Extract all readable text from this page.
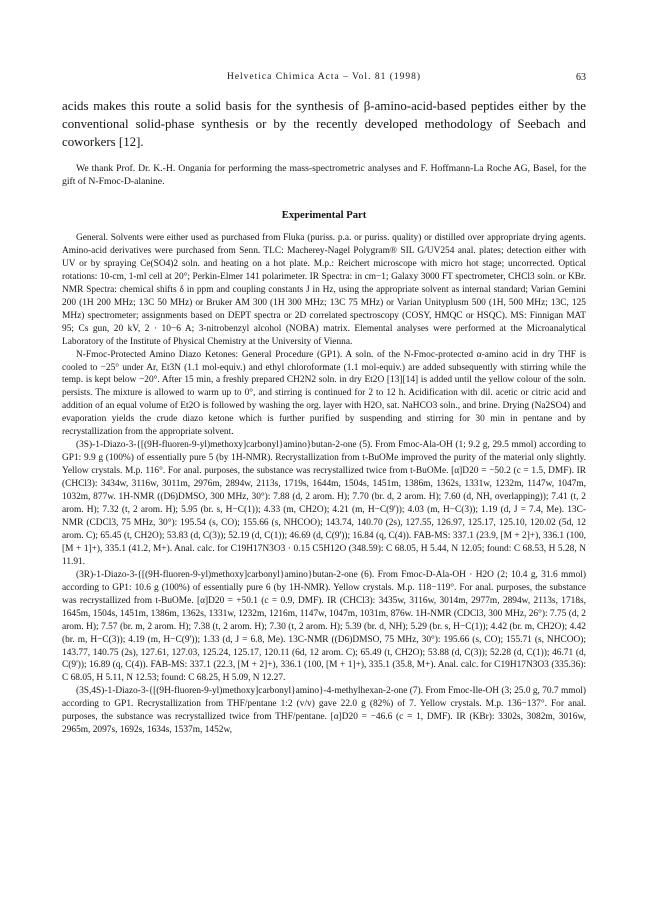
Helvetica Chimica Acta – Vol. 81 (1998)	63

acids makes this route a solid basis for the synthesis of β-amino-acid-based peptides either by the conventional solid-phase synthesis or by the recently developed methodology of Seebach and coworkers [12].

We thank Prof. Dr. K.-H. Ongania for performing the mass-spectrometric analyses and F. Hoffmann-La Roche AG, Basel, for the gift of N-Fmoc-D-alanine.

Experimental Part

General. Solvents were either used as purchased from Fluka (puriss. p.a. or puriss. quality) or distilled over appropriate drying agents. Amino-acid derivatives were purchased from Senn. TLC: Macherey-Nagel Polygram® SIL G/UV254 anal. plates; detection either with UV or by spraying Ce(SO4)2 soln. and heating on a hot plate. M.p.: Reichert microscope with micro hot stage; uncorrected. Optical rotations: 10-cm, 1-ml cell at 20°; Perkin-Elmer 141 polarimeter. IR Spectra: in cm−1; Galaxy 3000 FT spectrometer, CHCl3 soln. or KBr. NMR Spectra: chemical shifts δ in ppm and coupling constants J in Hz, using the appropriate solvent as internal standard; Varian Gemini 200 (1H 200 MHz; 13C 50 MHz) or Bruker AM 300 (1H 300 MHz; 13C 75 MHz) or Varian Unityplusm 500 (1H, 500 MHz; 13C, 125 MHz) spectrometer; assignments based on DEPT spectra or 2D correlated spectroscopy (COSY, HMQC or HSQC). MS: Finnigan MAT 95; Cs gun, 20 kV, 2 · 10−6 A; 3-nitrobenzyl alcohol (NOBA) matrix. Elemental analyses were performed at the Microanalytical Laboratory of the Institute of Physical Chemistry at the University of Vienna.

N-Fmoc-Protected Amino Diazo Ketones: General Procedure (GP1). A soln. of the N-Fmoc-protected α-amino acid in dry THF is cooled to −25° under Ar, Et3N (1.1 mol-equiv.) and ethyl chloroformate (1.1 mol-equiv.) are added subsequently with stirring while the temp. is kept below −20°. After 15 min, a freshly prepared CH2N2 soln. in dry Et2O [13][14] is added until the yellow colour of the soln. persists. The mixture is allowed to warm up to 0°, and stirring is continued for 2 to 12 h. Acidification with dil. acetic or citric acid and addition of an equal volume of Et2O is followed by washing the org. layer with H2O, sat. NaHCO3 soln., and brine. Drying (Na2SO4) and evaporation yields the crude diazo ketone which is further purified by suspending and stirring for 30 min in pentane and by recrystallization from the appropriate solvent.

(3S)-1-Diazo-3-{[(9H-fluoren-9-yl)methoxy]carbonyl}amino}butan-2-one (5). From Fmoc-Ala-OH (1; 9.2 g, 29.5 mmol) according to GP1: 9.9 g (100%) of essentially pure 5 (by 1H-NMR). Recrystallization from t-BuOMe improved the purity of the material only slightly. Yellow crystals. M.p. 116°. For anal. purposes, the substance was recrystallized twice from t-BuOMe. [α]D20 = −50.2 (c = 1.5, DMF). IR (CHCl3): 3434w, 3116w, 3011m, 2976m, 2894w, 2113s, 1719s, 1644m, 1504s, 1451m, 1386m, 1362s, 1331w, 1232m, 1147w, 1047m, 1032m, 877w. 1H-NMR ((D6)DMSO, 300 MHz, 30°): 7.88 (d, 2 arom. H); 7.70 (br. d, 2 arom. H); 7.60 (d, NH, overlapping)); 7.41 (t, 2 arom. H); 7.32 (t, 2 arom. H); 5.95 (br. s, H−C(1)); 4.33 (m, CH2O); 4.21 (m, H−C(9')); 4.03 (m, H−C(3)); 1.19 (d, J = 7.4, Me). 13C-NMR (CDCl3, 75 MHz, 30°): 195.54 (s, CO); 155.66 (s, NHCOO); 143.74, 140.70 (2s), 127.55, 126.97, 125.17, 125.10, 120.02 (5d, 12 arom. C); 65.45 (t, CH2O); 53.83 (d, C(3)); 52.19 (d, C(1)); 46.69 (d, C(9')); 16.84 (q, C(4)). FAB-MS: 337.1 (23.9, [M + 2]+), 336.1 (100, [M + 1]+), 335.1 (41.2, M+). Anal. calc. for C19H17N3O3 · 0.15 C5H12O (348.59): C 68.05, H 5.44, N 12.05; found: C 68.53, H 5.28, N 11.91.

(3R)-1-Diazo-3-{[(9H-fluoren-9-yl)methoxy]carbonyl}amino}butan-2-one (6). From Fmoc-D-Ala-OH · H2O (2; 10.4 g, 31.6 mmol) according to GP1: 10.6 g (100%) of essentially pure 6 (by 1H-NMR). Yellow crystals. M.p. 118−119°. For anal. purposes, the substance was recrystallized from t-BuOMe. [α]D20 = +50.1 (c = 0.9, DMF). IR (CHCl3): 3435w, 3116w, 3014m, 2977m, 2894w, 2113s, 1718s, 1645m, 1504s, 1451m, 1386m, 1362s, 1331w, 1232m, 1216m, 1147w, 1047m, 1031m, 876w. 1H-NMR (CDCl3, 300 MHz, 26°): 7.75 (d, 2 arom. H); 7.57 (br. m, 2 arom. H); 7.38 (t, 2 arom. H); 7.30 (t, 2 arom. H); 5.39 (br. d, NH); 5.29 (br. s, H−C(1)); 4.42 (br. m, CH2O); 4.42 (br. m, H−C(3)); 4.19 (m, H−C(9')); 1.33 (d, J = 6.8, Me). 13C-NMR ((D6)DMSO, 75 MHz, 30°): 195.66 (s, CO); 155.71 (s, NHCOO); 143.77, 140.75 (2s), 127.61, 127.03, 125.24, 125.17, 120.11 (6d, 12 arom. C); 65.49 (t, CH2O); 53.88 (d, C(3)); 52.28 (d, C(1)); 46.71 (d, C(9')); 16.89 (q, C(4)). FAB-MS: 337.1 (22.3, [M + 2]+), 336.1 (100, [M + 1]+), 335.1 (35.8, M+). Anal. calc. for C19H17N3O3 (335.36): C 68.05, H 5.11, N 12.53; found: C 68.25, H 5.09, N 12.27.

(3S,4S)-1-Diazo-3-{[(9H-fluoren-9-yl)methoxy]carbonyl}amino}-4-methylhexan-2-one (7). From Fmoc-Ile-OH (3; 25.0 g, 70.7 mmol) according to GP1. Recrystallization from THF/pentane 1:2 (v/v) gave 22.0 g (82%) of 7. Yellow crystals. M.p. 136−137°. For anal. purposes, the substance was recrystallized twice from THF/pentane. [α]D20 = −46.6 (c = 1, DMF). IR (KBr): 3302s, 3082m, 3016w, 2965m, 2097s, 1692s, 1634s, 1537m, 1452w,
